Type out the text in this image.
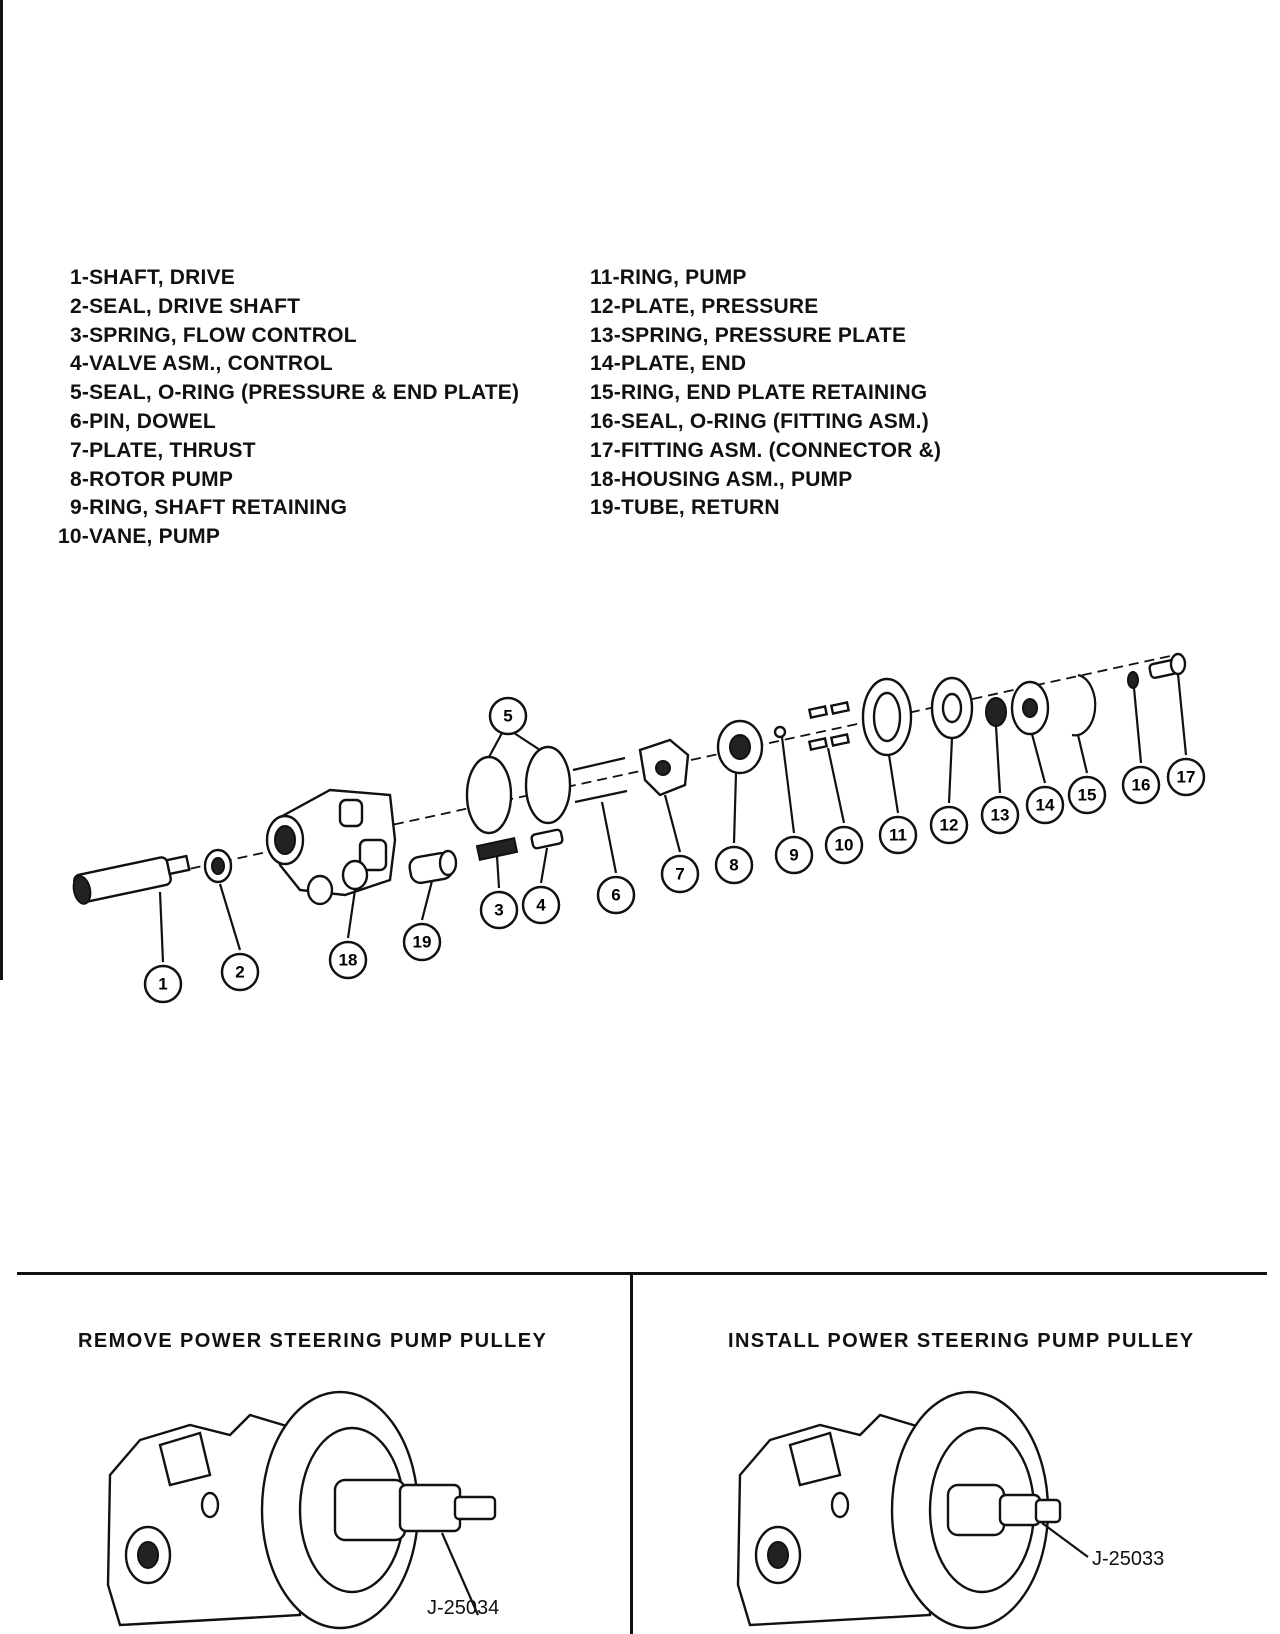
1-SHAFT, DRIVE
2-SEAL, DRIVE SHAFT
3-SPRING, FLOW CONTROL
4-VALVE ASM., CONTROL
5-SEAL, O-RING (PRESSURE & END PLATE)
6-PIN, DOWEL
7-PLATE, THRUST
8-ROTOR PUMP
9-RING, SHAFT RETAINING
10-VANE, PUMP
11-RING, PUMP
12-PLATE, PRESSURE
13-SPRING, PRESSURE PLATE
14-PLATE, END
15-RING, END PLATE RETAINING
16-SEAL, O-RING (FITTING ASM.)
17-FITTING ASM. (CONNECTOR &)
18-HOUSING ASM., PUMP
19-TUBE, RETURN
1
2
18
19
3 4
5
6
7	8
9
10
11
12
13
14
15
16 17
REMOVE POWER STEERING PUMP PULLEY	INSTALL POWER STEERING PUMP PULLEY
J-25034
J-25033
